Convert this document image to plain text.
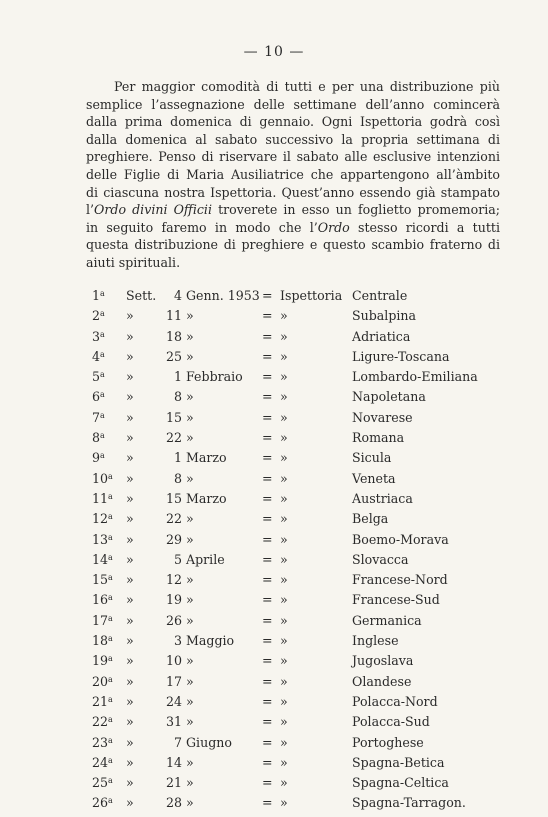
— 10 —

Per maggior comodità di tutti e per una distribuzione più
semplice l’assegnazione delle settimane dell’anno comincerà
dalla prima domenica di gennaio. Ogni Ispettoria godrà così
dalla domenica al sabato successivo la propria settimana di
preghiere. Penso di riservare il sabato alle esclusive intenzioni
delle Figlie di Maria Ausiliatrice che appartengono all’àmbito
di ciascuna nostra Ispettoria. Quest’anno essendo già stampato
l’Ordo divini Officii troverete in esso un foglietto promemoria;
in seguito faremo in modo che l’Ordo stesso ricordi a tutti
questa distribuzione di preghiere e questo scambio fraterno di
aiuti spirituali.

1$^a$ Sett.	4 Genn. 1953 = Ispettoria Centrale
2$^a$ »	11 »	= »	Subalpina
3$^a$ »	18 »	= »	Adriatica
4$^a$ »	25 »	= »	Ligure-Toscana
5$^a$ »	1 Febbraio = »	Lombardo-Emiliana
6$^a$ »	8 »	= »	Napoletana
7$^a$ »	15 »	= »	Novarese
8$^a$ »	22 »	= »	Romana
9$^a$ »	1 Marzo	= »	Sicula
10$^a$ »	8 »	= »	Veneta
11$^a$ »	15 Marzo	= »	Austriaca
12$^a$ »	22 »	= »	Belga
13$^a$ »	29 »	= »	Boemo-Morava
14$^a$ »	5 Aprile	= »	Slovacca
15$^a$ »	12 »	= »	Francese-Nord
16$^a$ »	19 »	= »	Francese-Sud
17$^a$ »	26 »	= »	Germanica
18$^a$ »	3 Maggio = »	Inglese
19$^a$ »	10 »	= »	Jugoslava
20$^a$ »	17 »	= »	Olandese
21$^a$ »	24 »	= »	Polacca-Nord
22$^a$ »	31 »	= »	Polacca-Sud
23$^a$ »	7 Giugno = »	Portoghese
24$^a$ »	14 »	= »	Spagna-Betica
25$^a$ »	21 »	= »	Spagna-Celtica
26$^a$ »	28 »	= »	Spagna-Tarragon.
